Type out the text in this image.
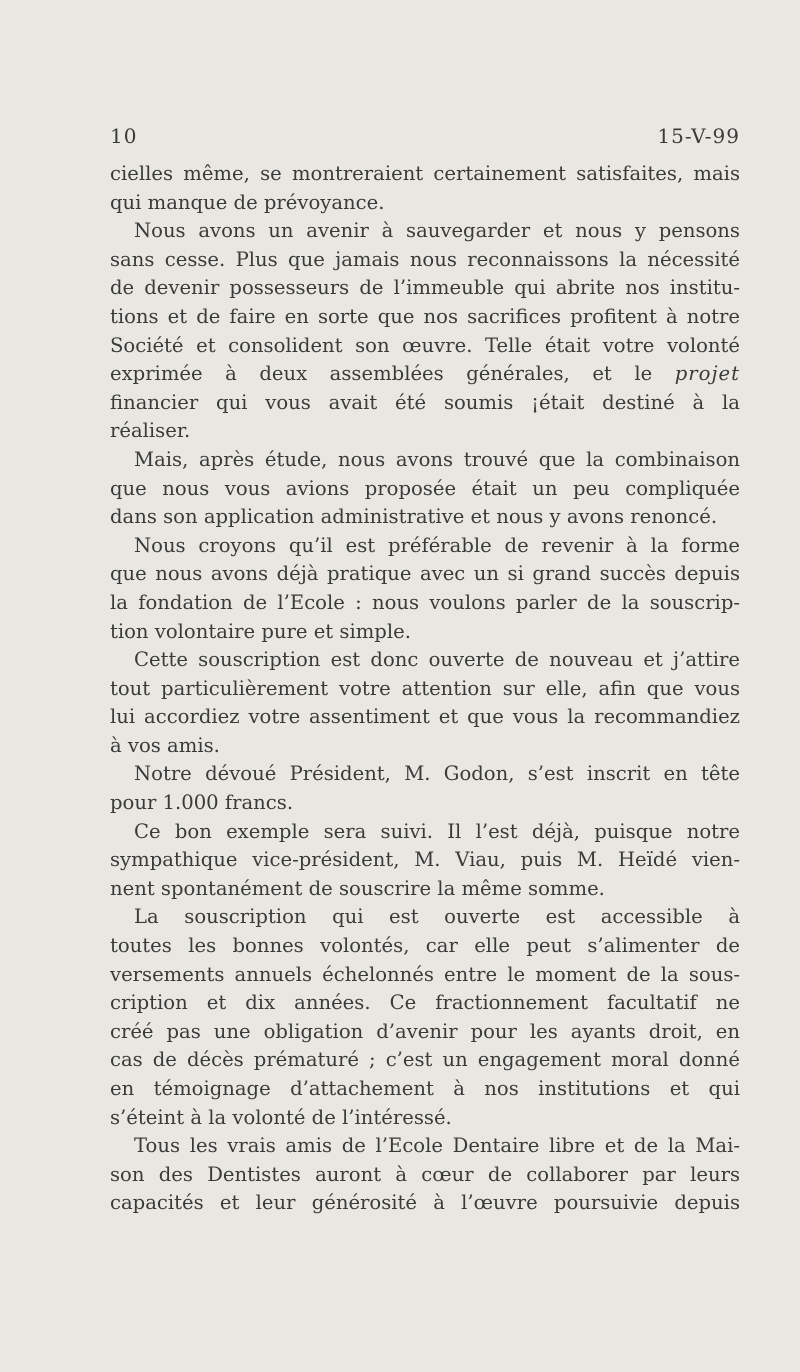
10	15-V-99
cielles même, se montreraient certainement satisfaites, mais
qui manque de prévoyance.
Nous avons un avenir à sauvegarder et nous y pensons
sans cesse. Plus que jamais nous reconnaissons la nécessité
de devenir possesseurs de l’immeuble qui abrite nos institu-
tions et de faire en sorte que nos sacrifices profitent à notre
Société et consolident son œuvre. Telle était votre volonté
exprimée à deux assemblées générales, et le projet
financier qui vous avait été soumis ¡était destiné à la
réaliser.
Mais, après étude, nous avons trouvé que la combinaison
que nous vous avions proposée était un peu compliquée
dans son application administrative et nous y avons renoncé.
Nous croyons qu’il est préférable de revenir à la forme
que nous avons déjà pratique avec un si grand succès depuis
la fondation de l’Ecole : nous voulons parler de la souscrip-
tion volontaire pure et simple.
Cette souscription est donc ouverte de nouveau et j’attire
tout particulièrement votre attention sur elle, afin que vous
lui accordiez votre assentiment et que vous la recommandiez
à vos amis.
Notre dévoué Président, M. Godon, s’est inscrit en tête
pour 1.000 francs.
Ce bon exemple sera suivi. Il l’est déjà, puisque notre
sympathique vice-président, M. Viau, puis M. Heïdé vien-
nent spontanément de souscrire la même somme.
La souscription qui est ouverte est accessible à
toutes les bonnes volontés, car elle peut s’alimenter de
versements annuels échelonnés entre le moment de la sous-
cription et dix années. Ce fractionnement facultatif ne
créé pas une obligation d’avenir pour les ayants droit, en
cas de décès prématuré ; c’est un engagement moral donné
en témoignage d’attachement à nos institutions et qui
s’éteint à la volonté de l’intéressé.
Tous les vrais amis de l’Ecole Dentaire libre et de la Mai-
son des Dentistes auront à cœur de collaborer par leurs
capacités et leur générosité à l’œuvre poursuivie depuis
